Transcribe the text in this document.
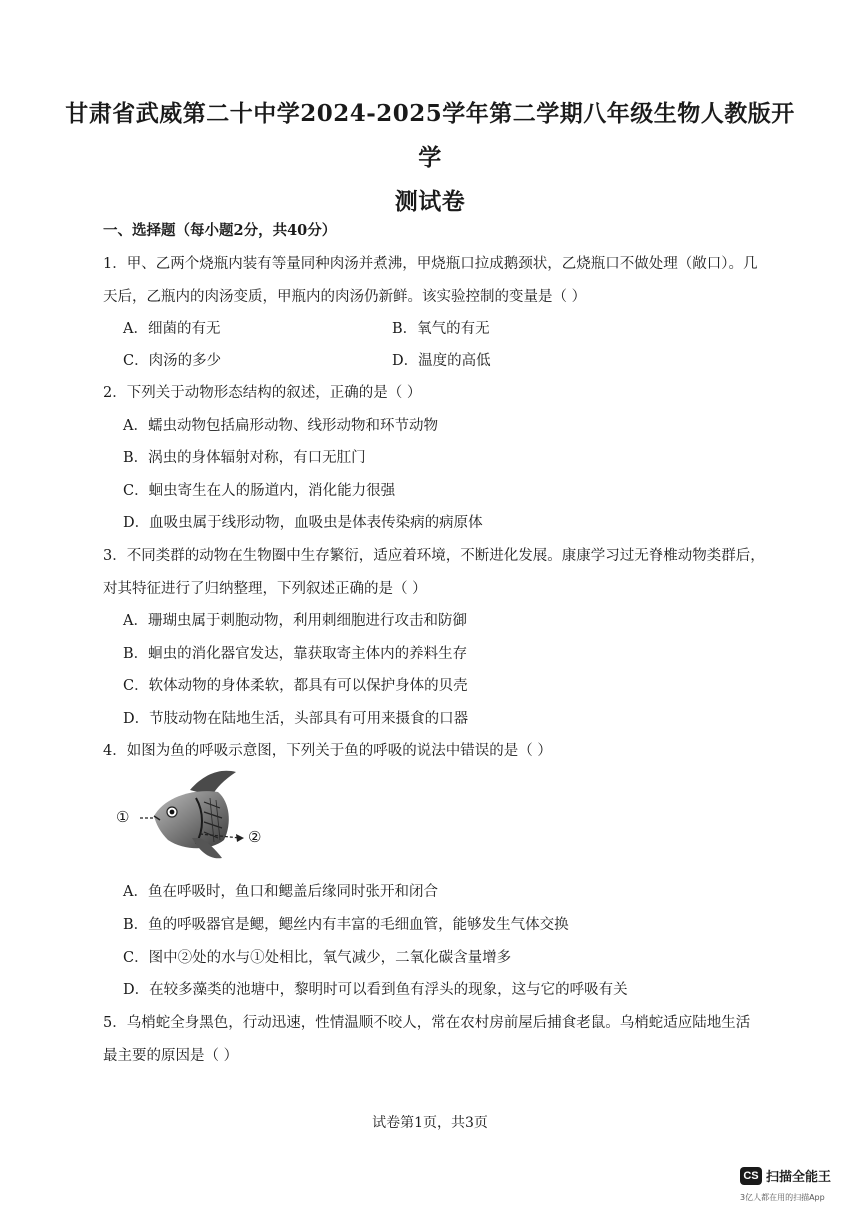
甘肃省武威第二十中学2024-2025学年第二学期八年级生物人教版开学
测试卷
一、选择题（每小题2分，共40分）
1．甲、乙两个烧瓶内装有等量同种肉汤并煮沸，甲烧瓶口拉成鹅颈状，乙烧瓶口不做处理（敞口）。几
天后，乙瓶内的肉汤变质，甲瓶内的肉汤仍新鲜。该实验控制的变量是（ ）
A．细菌的有无	B．氧气的有无
C．肉汤的多少	D．温度的高低
2．下列关于动物形态结构的叙述，正确的是（ ）
A．蠕虫动物包括扁形动物、线形动物和环节动物
B．涡虫的身体辐射对称，有口无肛门
C．蛔虫寄生在人的肠道内，消化能力很强
D．血吸虫属于线形动物，血吸虫是体表传染病的病原体
3．不同类群的动物在生物圈中生存繁衍，适应着环境，不断进化发展。康康学习过无脊椎动物类群后，
对其特征进行了归纳整理，下列叙述正确的是（ ）
A．珊瑚虫属于刺胞动物，利用刺细胞进行攻击和防御
B．蛔虫的消化器官发达，靠获取寄主体内的养料生存
C．软体动物的身体柔软，都具有可以保护身体的贝壳
D．节肢动物在陆地生活，头部具有可用来摄食的口器
4．如图为鱼的呼吸示意图，下列关于鱼的呼吸的说法中错误的是（ ）
①
②
A．鱼在呼吸时，鱼口和鳃盖后缘同时张开和闭合
B．鱼的呼吸器官是鳃，鳃丝内有丰富的毛细血管，能够发生气体交换
C．图中②处的水与①处相比，氧气减少，二氧化碳含量增多
D．在较多藻类的池塘中，黎明时可以看到鱼有浮头的现象，这与它的呼吸有关
5．乌梢蛇全身黑色，行动迅速，性情温顺不咬人，常在农村房前屋后捕食老鼠。乌梢蛇适应陆地生活
最主要的原因是（ ）
试卷第1页，共3页
CS 扫描全能王
3亿人都在用的扫描App
